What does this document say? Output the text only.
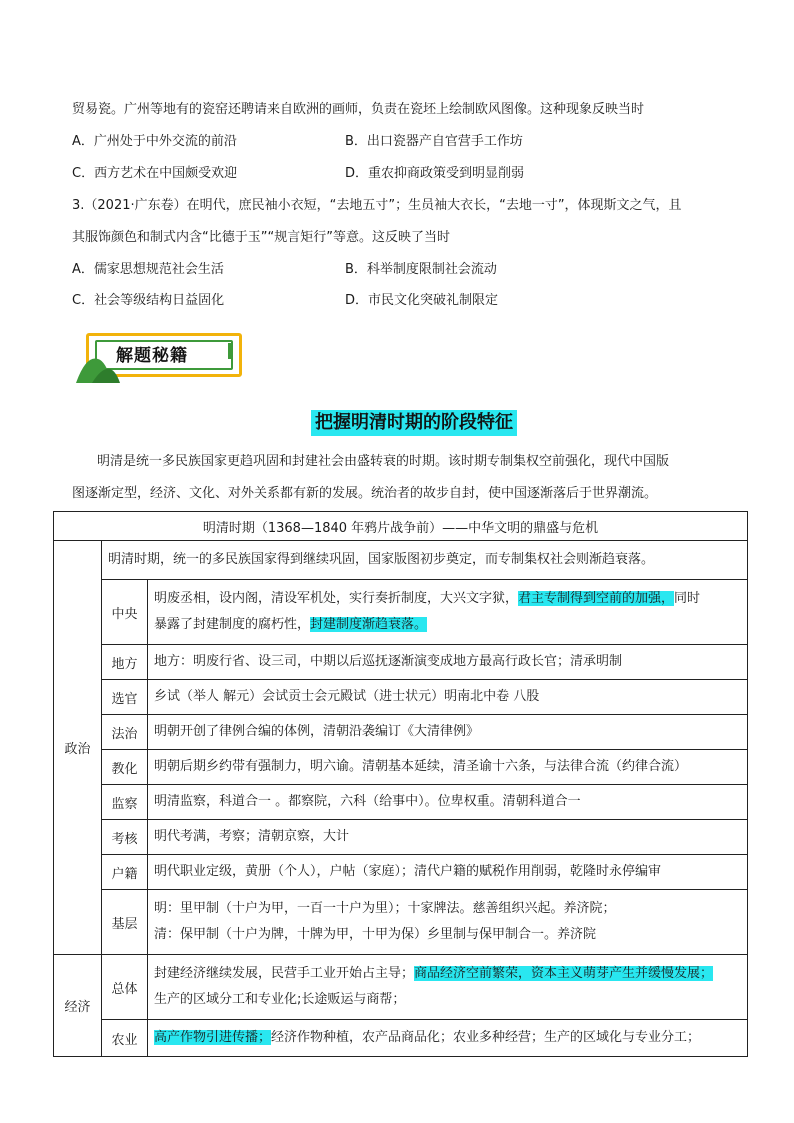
贸易瓷。广州等地有的瓷窑还聘请来自欧洲的画师，负责在瓷坯上绘制欧风图像。这种现象反映当时
A．广州处于中外交流的前沿	B．出口瓷器产自官营手工作坊
C．西方艺术在中国颇受欢迎	D．重农抑商政策受到明显削弱
3.（2021·广东卷）在明代，庶民袖小衣短，“去地五寸”；生员袖大衣长，“去地一寸”，体现斯文之气，且
其服饰颜色和制式内含“比德于玉”“规言矩行”等意。这反映了当时
A．儒家思想规范社会生活	B．科举制度限制社会流动
C．社会等级结构日益固化	D．市民文化突破礼制限定
解题秘籍
把握明清时期的阶段特征
明清是统一多民族国家更趋巩固和封建社会由盛转衰的时期。该时期专制集权空前强化，现代中国版
图逐渐定型，经济、文化、对外关系都有新的发展。统治者的故步自封，使中国逐渐落后于世界潮流。
明清时期（1368—1840 年鸦片战争前）——中华文明的鼎盛与危机		
政治	明清时期，统一的多民族国家得到继续巩固，国家版图初步奠定，而专制集权社会则渐趋衰落。	
	中央	明废丞相，设内阁，清设军机处，实行奏折制度，大兴文字狱，君主专制得到空前的加强，同时
暴露了封建制度的腐朽性，封建制度渐趋衰落。
	地方	地方：明废行省、设三司，中期以后巡抚逐渐演变成地方最高行政长官；清承明制
	选官	乡试（举人 解元）会试贡士会元殿试（进士状元）明南北中卷 八股
	法治	明朝开创了律例合编的体例，清朝沿袭编订《大清律例》
	教化	明朝后期乡约带有强制力，明六谕。清朝基本延续，清圣谕十六条，与法律合流（约律合流）
	监察	明清监察，科道合一 。都察院，六科（给事中）。位卑权重。清朝科道合一
	考核	明代考满，考察；清朝京察，大计
	户籍	明代职业定级，黄册（个人），户帖（家庭）；清代户籍的赋税作用削弱，乾隆时永停编审
	基层	明：里甲制（十户为甲，一百一十户为里）；十家牌法。慈善组织兴起。养济院；
清：保甲制（十户为牌，十牌为甲，十甲为保）乡里制与保甲制合一。养济院
经济	总体	封建经济继续发展，民营手工业开始占主导；商品经济空前繁荣，资本主义萌芽产生并缓慢发展；
生产的区域分工和专业化;长途贩运与商帮；
	农业	高产作物引进传播；经济作物种植，农产品商品化；农业多种经营；生产的区域化与专业分工；
